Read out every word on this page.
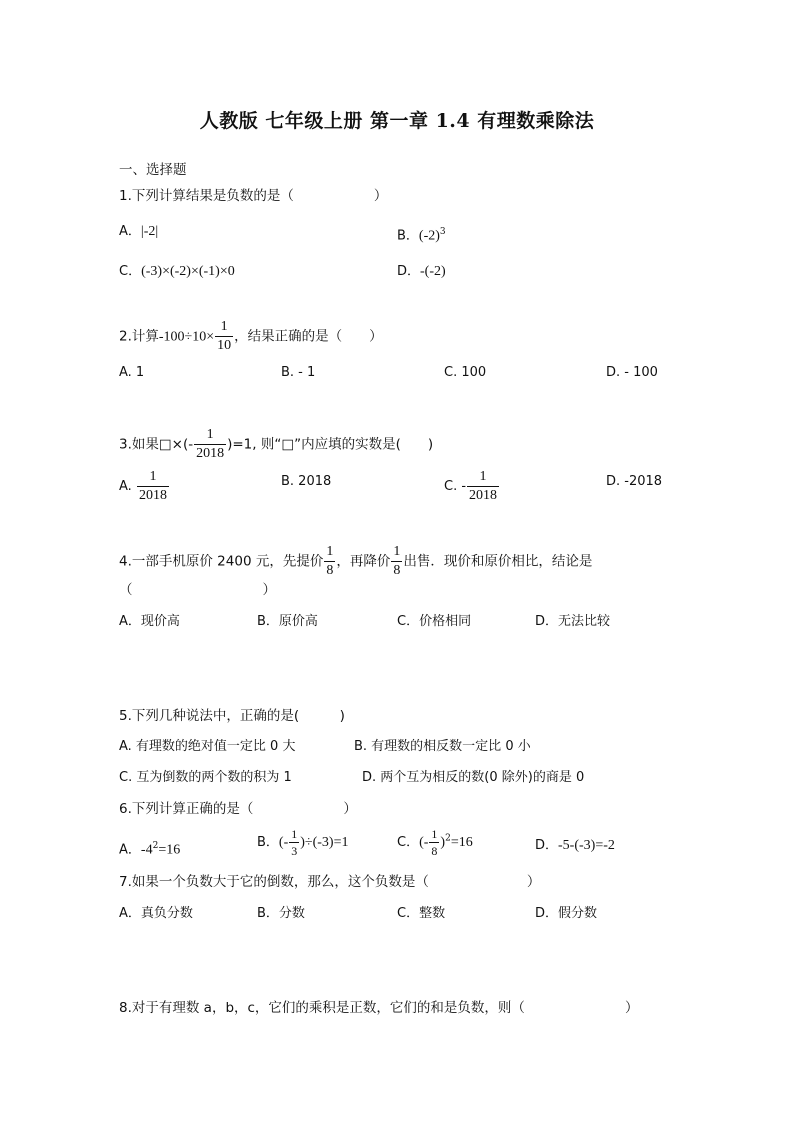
人教版 七年级上册 第一章 1.4 有理数乘除法
一、选择题
1.下列计算结果是负数的是（	）
A．|-2|	B．$(-2)^3$
C．(-3)×(-2)×(-1)×0	D．-(-2)
2.计算$-100\div 10\times \frac{1}{10}$ ，结果正确的是（　　）
A. 1	B. - 1	C. 100	D. - 100
3.如果□×(- $\frac{1}{2018} )=1$, 则“□”内应填的实数是(　　)
A. $\frac{1}{2018}$	B. 2018	C. - $\frac{1}{2018}$	D. -2018
4.一部手机原价 2400 元，先提价 $\frac{1}{8}$ ，再降价 $\frac{1}{8}$ 出售．现价和原价相比，结论是
（	）
A．现价高	B．原价高	C．价格相同	D．无法比较
5.下列几种说法中，正确的是(　　　)
A. 有理数的绝对值一定比 0 大	B. 有理数的相反数一定比 0 小
C. 互为倒数的两个数的积为 1	D. 两个互为相反的数(0 除外)的商是 0
6.下列计算正确的是（	）
A．$-4^2=16$	B．(- $\frac{1}{3} )\div(-3)=1$	C．(- $\frac{1}{8} )^2=16$	D．-5-(-3)=-2
7.如果一个负数大于它的倒数，那么，这个负数是（	）
A．真负分数	B．分数	C．整数	D．假分数
8.对于有理数 a，b，c，它们的乘积是正数，它们的和是负数，则（	）
